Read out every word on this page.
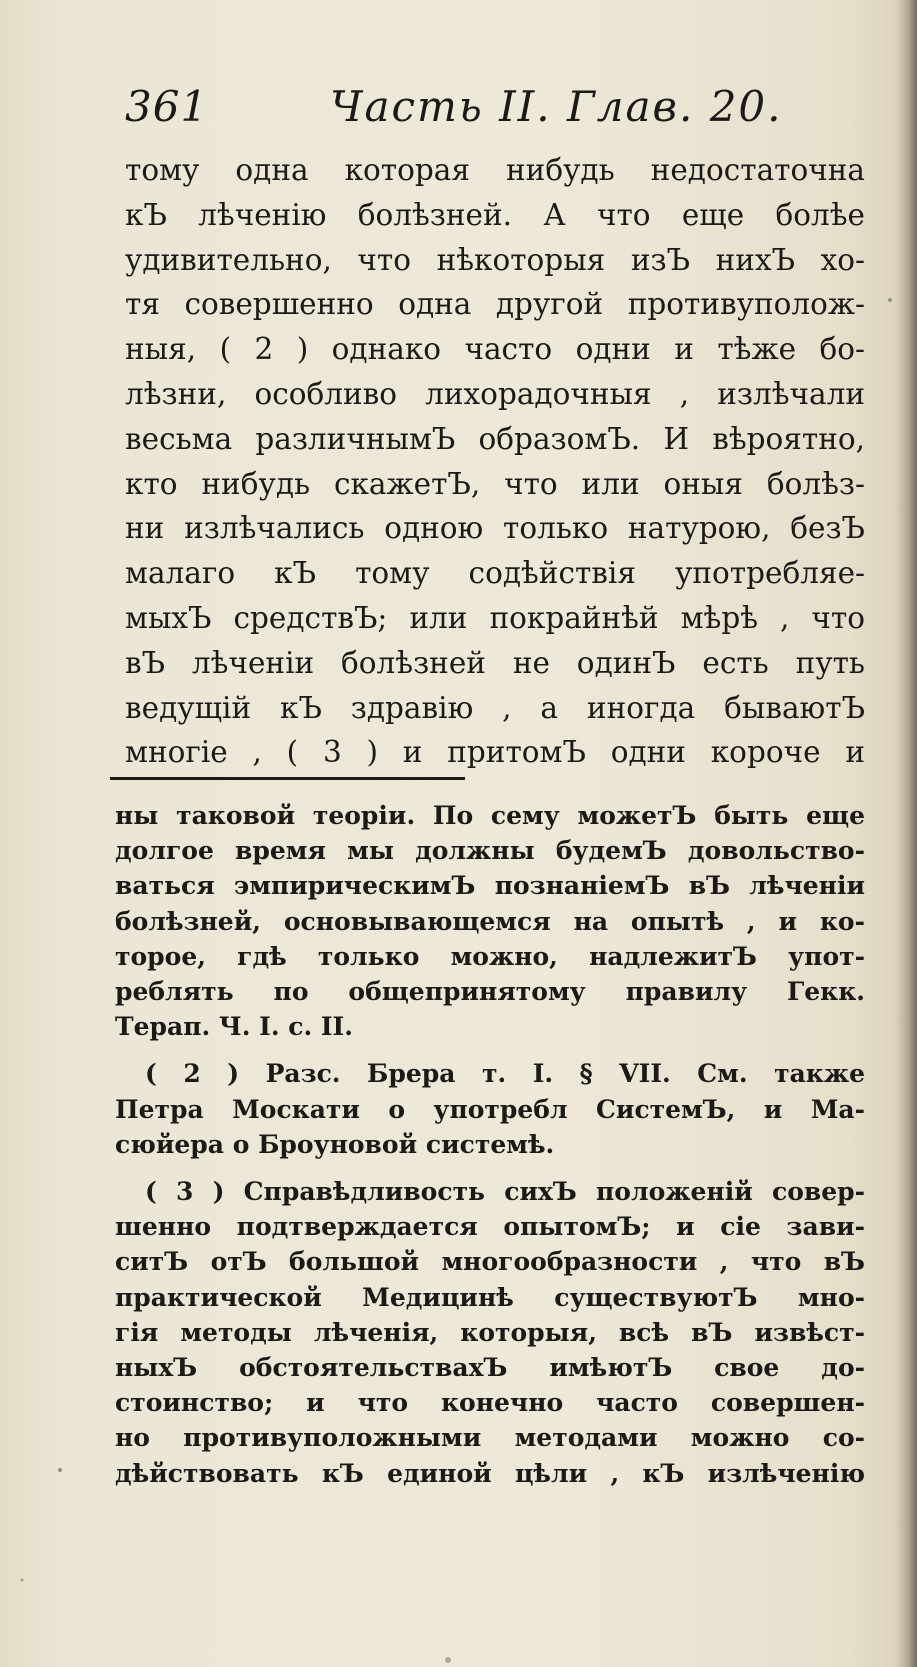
361	Часть II. Глав. 20.
тому одна которая нибудь недостаточна
кЪ лѣченію болѣзней. А что еще болѣе
удивительно, что нѣкоторыя изЪ нихЪ хо-
тя совершенно одна другой противуполож-
ныя, ( 2 ) однако часто одни и тѣже бо-
лѣзни, особливо лихорадочныя , излѣчали
весьма различнымЪ образомЪ. И вѣроятно,
кто нибудь скажетЪ, что или оныя болѣз-
ни излѣчались одною только натурою, безЪ
малаго кЪ тому содѣйствія употребляе-
мыхЪ средствЪ; или покрайнѣй мѣрѣ , что
вЪ лѣченіи болѣзней не одинЪ есть путь
ведущій кЪ здравію , а иногда бываютЪ
многіе , ( 3 ) и притомЪ одни короче и
ны таковой теоріи. По сему можетЪ быть еще
долгое время мы должны будемЪ довольство-
ваться эмпирическимЪ познаніемЪ вЪ лѣченіи
болѣзней, основывающемся на опытѣ , и ко-
торое, гдѣ только можно, надлежитЪ упот-
реблять по общепринятому правилу Гекк.
Терап. Ч. I. с. II.
( 2 ) Разс. Брера т. I. § VII. См. также
Петра Москати о употребл СистемЪ, и Ма-
сюйера о Броуновой системѣ.
( 3 ) Справѣдливость сихЪ положеній совер-
шенно подтверждается опытомЪ; и сіе зави-
ситЪ отЪ большой многообразности , что вЪ
практической Медицинѣ существуютЪ мно-
гія методы лѣченія, которыя, всѣ вЪ извѣст-
ныхЪ обстоятельствахЪ имѣютЪ свое до-
стоинство; и что конечно часто совершен-
но противуположными методами можно со-
дѣйствовать кЪ единой цѣли , кЪ излѣченію
